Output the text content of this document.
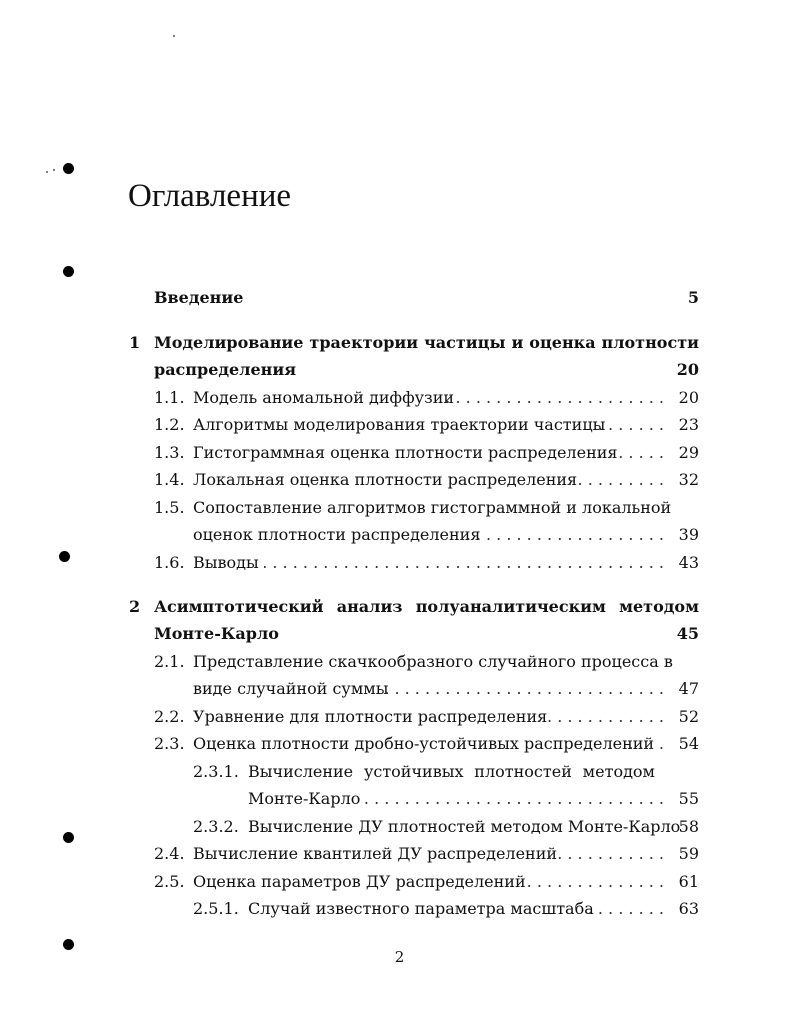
Оглавление
Введение	5
1 Моделирование траектории частицы и оценка плотности
распределения	20
1.1. Модель аномальной диффузии . . .	20
1.2. Алгоритмы моделирования траектории частицы . . .	23
1.3. Гистограммная оценка плотности распределения . . .	29
1.4. Локальная оценка плотности распределения . . .	32
1.5. Сопоставление алгоритмов гистограммной и локальной
оценок плотности распределения . . .	39
1.6. Выводы . . .	43
2 Асимптотический анализ полуаналитическим методом
Монте-Карло	45
2.1. Представление скачкообразного случайного процесса в
виде случайной суммы . . .	47
2.2. Уравнение для плотности распределения . . .	52
2.3. Оценка плотности дробно-устойчивых распределений . . . 54
2.3.1. Вычисление устойчивых плотностей методом
Монте-Карло . . .	55
2.3.2. Вычисление ДУ плотностей методом Монте-Карло
58
2.4. Вычисление квантилей ДУ распределений . . .	59
2.5. Оценка параметров ДУ распределений . . .	61
2.5.1. Случай известного параметра масштаба . . .	63
2
